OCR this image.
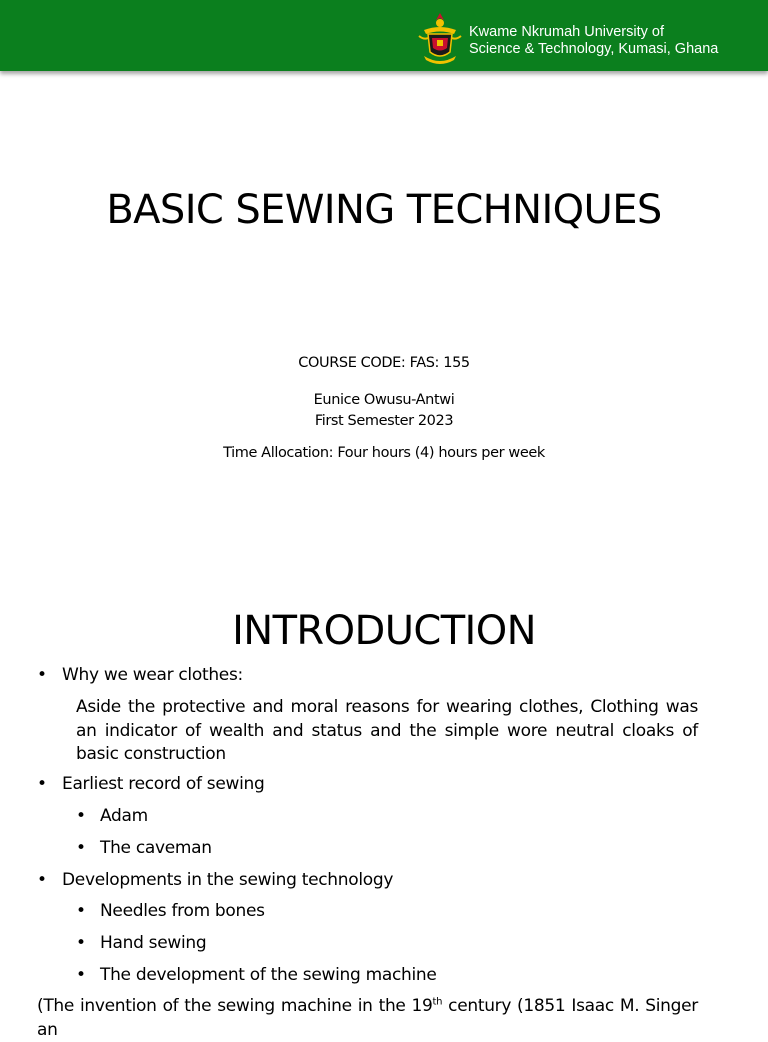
Kwame Nkrumah University of
Science & Technology, Kumasi, Ghana
BASIC SEWING TECHNIQUES
COURSE CODE: FAS: 155
Eunice Owusu-Antwi
First Semester 2023
Time Allocation: Four hours (4) hours per week
INTRODUCTION
• Why we wear clothes:
Aside the protective and moral reasons for wearing clothes, Clothing was an indicator of wealth and status and the simple wore neutral cloaks of basic construction
• Earliest record of sewing
• Adam
• The caveman
• Developments in the sewing technology
• Needles from bones
• Hand sewing
• The development of the sewing machine
(The invention of the sewing machine in the 19th century (1851 Isaac M. Singer an
